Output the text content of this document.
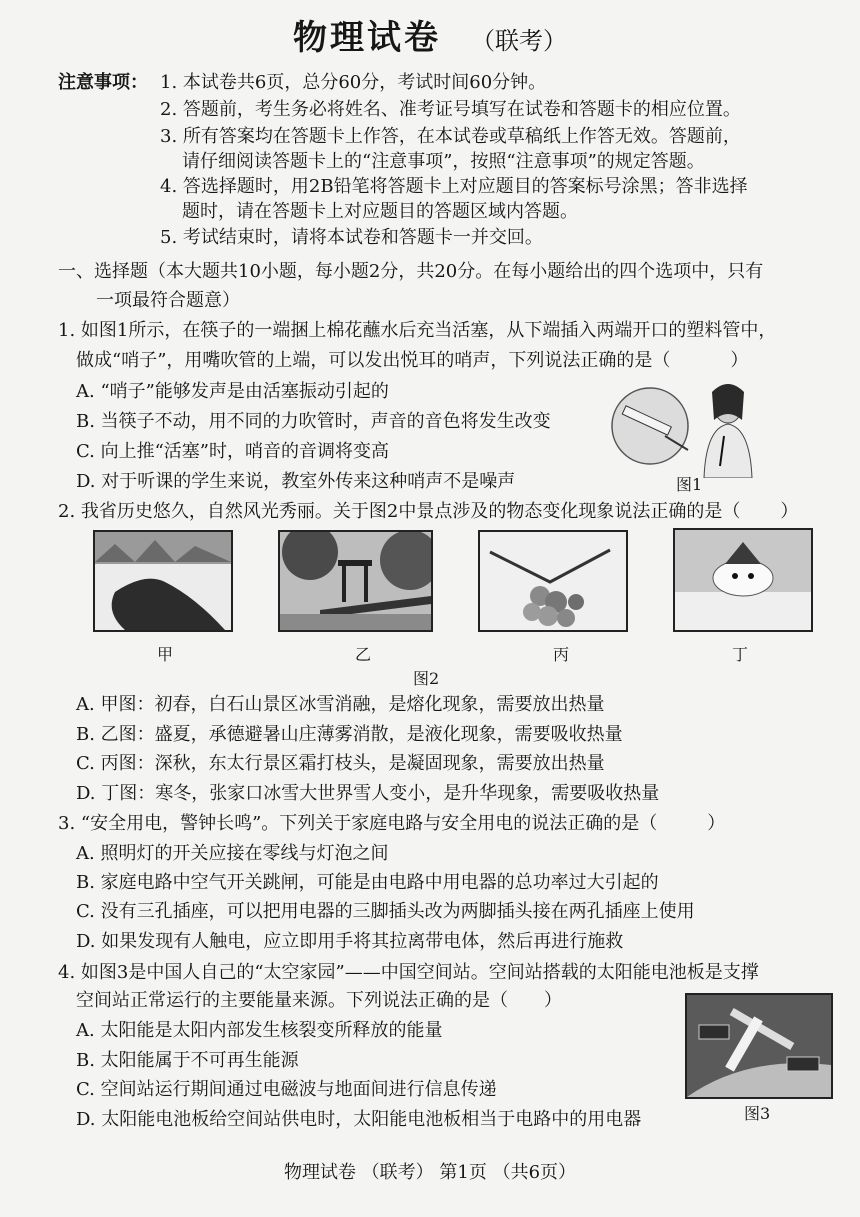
物理试卷 （联考）
注意事项： 1. 本试卷共6页，总分60分，考试时间60分钟。
2. 答题前，考生务必将姓名、准考证号填写在试卷和答题卡的相应位置。
3. 所有答案均在答题卡上作答，在本试卷或草稿纸上作答无效。答题前，
请仔细阅读答题卡上的“注意事项”，按照“注意事项”的规定答题。
4. 答选择题时，用2B铅笔将答题卡上对应题目的答案标号涂黑；答非选择
题时，请在答题卡上对应题目的答题区域内答题。
5. 考试结束时，请将本试卷和答题卡一并交回。
一、选择题（本大题共10小题，每小题2分，共20分。在每小题给出的四个选项中，只有
一项最符合题意）
1. 如图1所示，在筷子的一端捆上棉花蘸水后充当活塞，从下端插入两端开口的塑料管中，
做成“哨子”，用嘴吹管的上端，可以发出悦耳的哨声，下列说法正确的是（	）
A. “哨子”能够发声是由活塞振动引起的
B. 当筷子不动，用不同的力吹管时，声音的音色将发生改变
C. 向上推“活塞”时，哨音的音调将变高
D. 对于听课的学生来说，教室外传来这种哨声不是噪声	图1
2. 我省历史悠久，自然风光秀丽。关于图2中景点涉及的物态变化现象说法正确的是（ ）
甲	乙	丙	丁
图2
A. 甲图：初春，白石山景区冰雪消融，是熔化现象，需要放出热量
B. 乙图：盛夏，承德避暑山庄薄雾消散，是液化现象，需要吸收热量
C. 丙图：深秋，东太行景区霜打枝头，是凝固现象，需要放出热量
D. 丁图：寒冬，张家口冰雪大世界雪人变小，是升华现象，需要吸收热量
3. “安全用电，警钟长鸣”。下列关于家庭电路与安全用电的说法正确的是（	）
A. 照明灯的开关应接在零线与灯泡之间
B. 家庭电路中空气开关跳闸，可能是由电路中用电器的总功率过大引起的
C. 没有三孔插座，可以把用电器的三脚插头改为两脚插头接在两孔插座上使用
D. 如果发现有人触电，应立即用手将其拉离带电体，然后再进行施救
4. 如图3是中国人自己的“太空家园”——中国空间站。空间站搭载的太阳能电池板是支撑
空间站正常运行的主要能量来源。下列说法正确的是（ ）
A. 太阳能是太阳内部发生核裂变所释放的能量
B. 太阳能属于不可再生能源
C. 空间站运行期间通过电磁波与地面间进行信息传递
D. 太阳能电池板给空间站供电时，太阳能电池板相当于电路中的用电器	图3
物理试卷 （联考） 第1页 （共6页）
